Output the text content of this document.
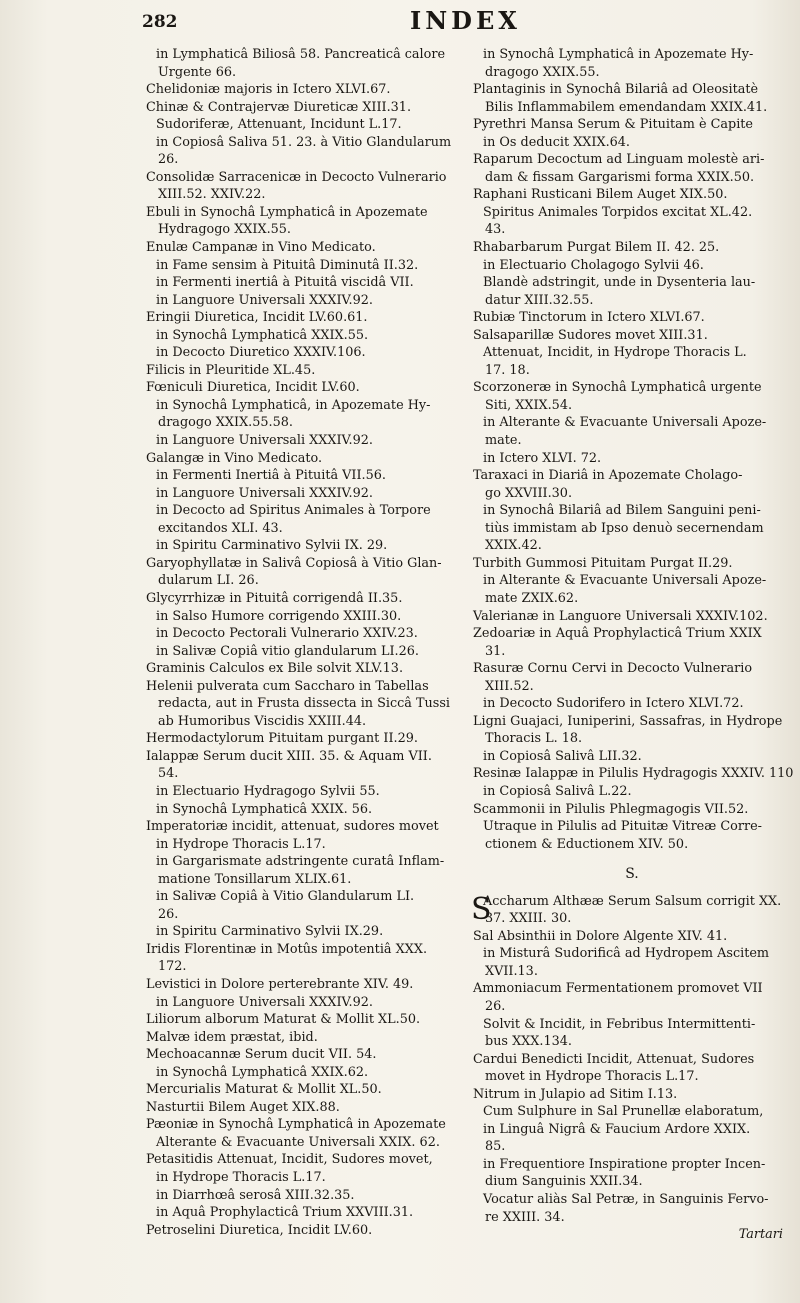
282	INDEX
in Lymphaticâ Biliosâ 58. Pancreaticâ calore
Urgente 66.
Chelidoniæ majoris in Ictero XLVI.67.
Chinæ & Contrajervæ Diureticæ XIII.31.
Sudoriferæ, Attenuant, Incidunt L.17.
in Copiosâ Saliva 51. 23. à Vitio Glandularum
26.
Consolidæ Sarracenicæ in Decocto Vulnerario
XIII.52. XXIV.22.
Ebuli in Synochâ Lymphaticâ in Apozemate
Hydragogo XXIX.55.
Enulæ Campanæ in Vino Medicato.
in Fame sensim à Pituitâ Diminutâ II.32.
in Fermenti inertiâ à Pituitâ viscidâ VII.
in Languore Universali XXXIV.92.
Eringii Diuretica, Incidit LV.60.61.
in Synochâ Lymphaticâ XXIX.55.
in Decocto Diuretico XXXIV.106.
Filicis in Pleuritide XL.45.
Fœniculi Diuretica, Incidit LV.60.
in Synochâ Lymphaticâ, in Apozemate Hy-
dragogo XXIX.55.58.
in Languore Universali XXXIV.92.
Galangæ in Vino Medicato.
in Fermenti Inertiâ à Pituitâ VII.56.
in Languore Universali XXXIV.92.
in Decocto ad Spiritus Animales à Torpore
excitandos XLI. 43.
in Spiritu Carminativo Sylvii IX. 29.
Garyophyllatæ in Salivâ Copiosâ à Vitio Glan-
dularum LI. 26.
Glycyrrhizæ in Pituitâ corrigendâ II.35.
in Salso Humore corrigendo XXIII.30.
in Decocto Pectorali Vulnerario XXIV.23.
in Salivæ Copiâ vitio glandularum LI.26.
Graminis Calculos ex Bile solvit XLV.13.
Helenii pulverata cum Saccharo in Tabellas
redacta, aut in Frusta dissecta in Siccâ Tussi
ab Humoribus Viscidis XXIII.44.
Hermodactylorum Pituitam purgant II.29.
Ialappæ Serum ducit XIII. 35. & Aquam VII.
54.
in Electuario Hydragogo Sylvii 55.
in Synochâ Lymphaticâ XXIX. 56.
Imperatoriæ incidit, attenuat, sudores movet
in Hydrope Thoracis L.17.
in Gargarismate adstringente curatâ Inflam-
matione Tonsillarum XLIX.61.
in Salivæ Copiâ à Vitio Glandularum LI.
26.
in Spiritu Carminativo Sylvii IX.29.
Iridis Florentinæ in Motûs impotentiâ XXX.
172.
Levistici in Dolore perterebrante XIV. 49.
in Languore Universali XXXIV.92.
Liliorum alborum Maturat & Mollit XL.50.
Malvæ idem præstat, ibid.
Mechoacannæ Serum ducit VII. 54.
in Synochâ Lymphaticâ XXIX.62.
Mercurialis Maturat & Mollit XL.50.
Nasturtii Bilem Auget XIX.88.
Pæoniæ in Synochâ Lymphaticâ in Apozemate
Alterante & Evacuante Universali XXIX. 62.
Petasitidis Attenuat, Incidit, Sudores movet,
in Hydrope Thoracis L.17.
in Diarrhœâ serosâ XIII.32.35.
in Aquâ Prophylacticâ Trium XXVIII.31.
Petroselini Diuretica, Incidit LV.60.
in Synochâ Lymphaticâ in Apozemate Hy-
dragogo XXIX.55.
Plantaginis in Synochâ Bilariâ ad Oleositatè
Bilis Inflammabilem emendandam XXIX.41.
Pyrethri Mansa Serum & Pituitam è Capite
in Os deducit XXIX.64.
Raparum Decoctum ad Linguam molestè ari-
dam & fissam Gargarismi forma XXIX.50.
Raphani Rusticani Bilem Auget XIX.50.
Spiritus Animales Torpidos excitat XL.42.
43.
Rhabarbarum Purgat Bilem II. 42. 25.
in Electuario Cholagogo Sylvii 46.
Blandè adstringit, unde in Dysenteria lau-
datur XIII.32.55.
Rubiæ Tinctorum in Ictero XLVI.67.
Salsaparillæ Sudores movet XIII.31.
Attenuat, Incidit, in Hydrope Thoracis L.
17. 18.
Scorzoneræ in Synochâ Lymphaticâ urgente
Siti, XXIX.54.
in Alterante & Evacuante Universali Apoze-
mate.
in Ictero XLVI. 72.
Taraxaci in Diariâ in Apozemate Cholago-
go XXVIII.30.
in Synochâ Bilariâ ad Bilem Sanguini peni-
tiùs immistam ab Ipso denuò secernendam
XXIX.42.
Turbith Gummosi Pituitam Purgat II.29.
in Alterante & Evacuante Universali Apoze-
mate ZXIX.62.
Valerianæ in Languore Universali XXXIV.102.
Zedoariæ in Aquâ Prophylacticâ Trium XXIX
31.
Rasuræ Cornu Cervi in Decocto Vulnerario
XIII.52.
in Decocto Sudorifero in Ictero XLVI.72.
Ligni Guajaci, Iuniperini, Sassafras, in Hydrope
Thoracis L. 18.
in Copiosâ Salivâ LII.32.
Resinæ Ialappæ in Pilulis Hydragogis XXXIV. 110
in Copiosâ Salivâ L.22.
Scammonii in Pilulis Phlegmagogis VII.52.
Utraque in Pilulis ad Pituitæ Vitreæ Corre-
ctionem & Eductionem XIV. 50.
S.
S
Accharum Althææ Serum Salsum corrigit XX.
37. XXIII. 30.
Sal Absinthii in Dolore Algente XIV. 41.
in Misturâ Sudorificâ ad Hydropem Ascitem
XVII.13.
Ammoniacum Fermentationem promovet VII
26.
Solvit & Incidit, in Febribus Intermittenti-
bus XXX.134.
Cardui Benedicti Incidit, Attenuat, Sudores
movet in Hydrope Thoracis L.17.
Nitrum in Julapio ad Sitim I.13.
Cum Sulphure in Sal Prunellæ elaboratum,
in Linguâ Nigrâ & Faucium Ardore XXIX.
85.
in Frequentiore Inspiratione propter Incen-
dium Sanguinis XXII.34.
Vocatur aliàs Sal Petræ, in Sanguinis Fervo-
re XXIII. 34.
Tartari
